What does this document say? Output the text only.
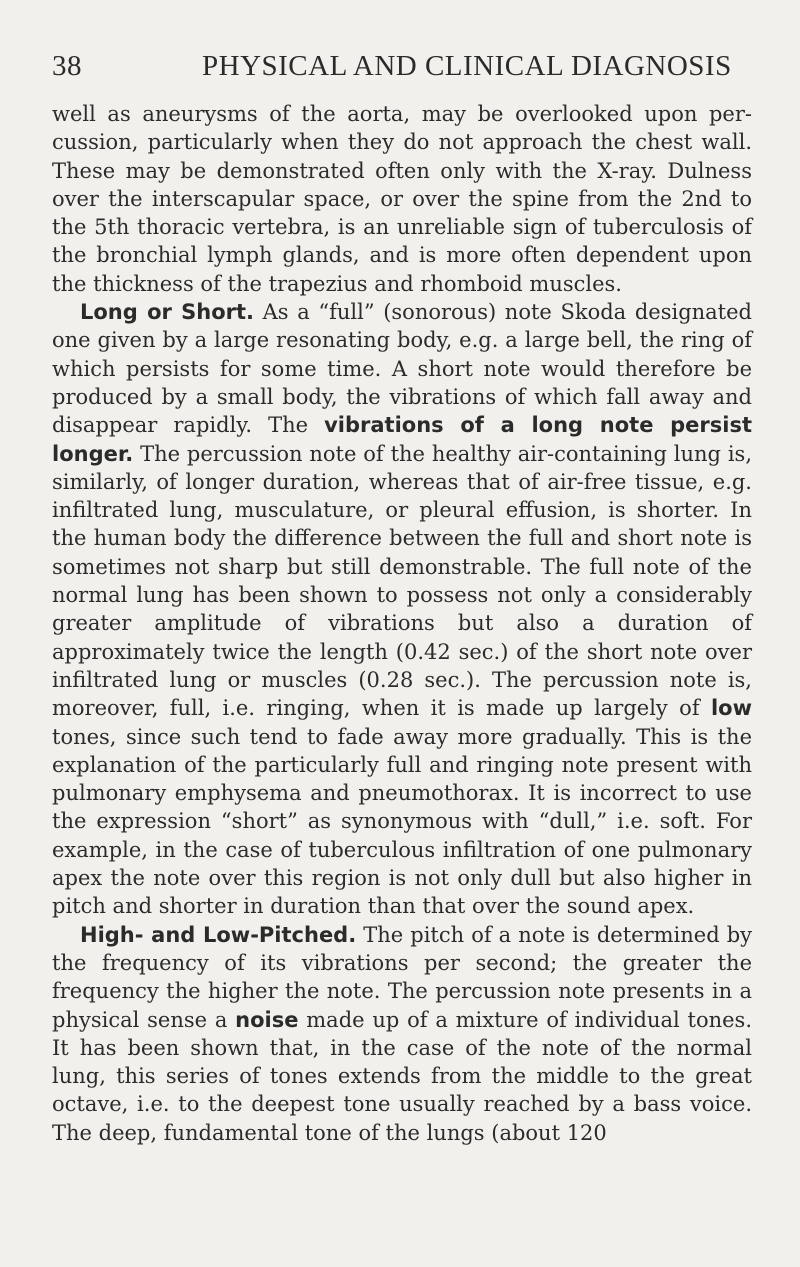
38	PHYSICAL AND CLINICAL DIAGNOSIS

well as aneurysms of the aorta, may be overlooked upon percussion, particularly when they do not approach the chest wall. These may be demonstrated often only with the X-ray. Dulness over the interscapular space, or over the spine from the 2nd to the 5th thoracic vertebra, is an unreliable sign of tuberculosis of the bronchial lymph glands, and is more often dependent upon the thickness of the trapezius and rhomboid muscles.

Long or Short. As a “full” (sonorous) note Skoda designated one given by a large resonating body, e.g. a large bell, the ring of which persists for some time. A short note would therefore be produced by a small body, the vibrations of which fall away and disappear rapidly. The vibrations of a long note persist longer. The percussion note of the healthy air-containing lung is, similarly, of longer duration, whereas that of air-free tissue, e.g. infiltrated lung, musculature, or pleural effusion, is shorter. In the human body the difference between the full and short note is sometimes not sharp but still demonstrable. The full note of the normal lung has been shown to possess not only a considerably greater amplitude of vibrations but also a duration of approximately twice the length (0.42 sec.) of the short note over infiltrated lung or muscles (0.28 sec.). The percussion note is, moreover, full, i.e. ringing, when it is made up largely of low tones, since such tend to fade away more gradually. This is the explanation of the particularly full and ringing note present with pulmonary emphysema and pneumothorax. It is incorrect to use the expression “short” as synonymous with “dull,” i.e. soft. For example, in the case of tuberculous infiltration of one pulmonary apex the note over this region is not only dull but also higher in pitch and shorter in duration than that over the sound apex.

High- and Low-Pitched. The pitch of a note is determined by the frequency of its vibrations per second; the greater the frequency the higher the note. The percussion note presents in a physical sense a noise made up of a mixture of individual tones. It has been shown that, in the case of the note of the normal lung, this series of tones extends from the middle to the great octave, i.e. to the deepest tone usually reached by a bass voice. The deep, fundamental tone of the lungs (about 120
